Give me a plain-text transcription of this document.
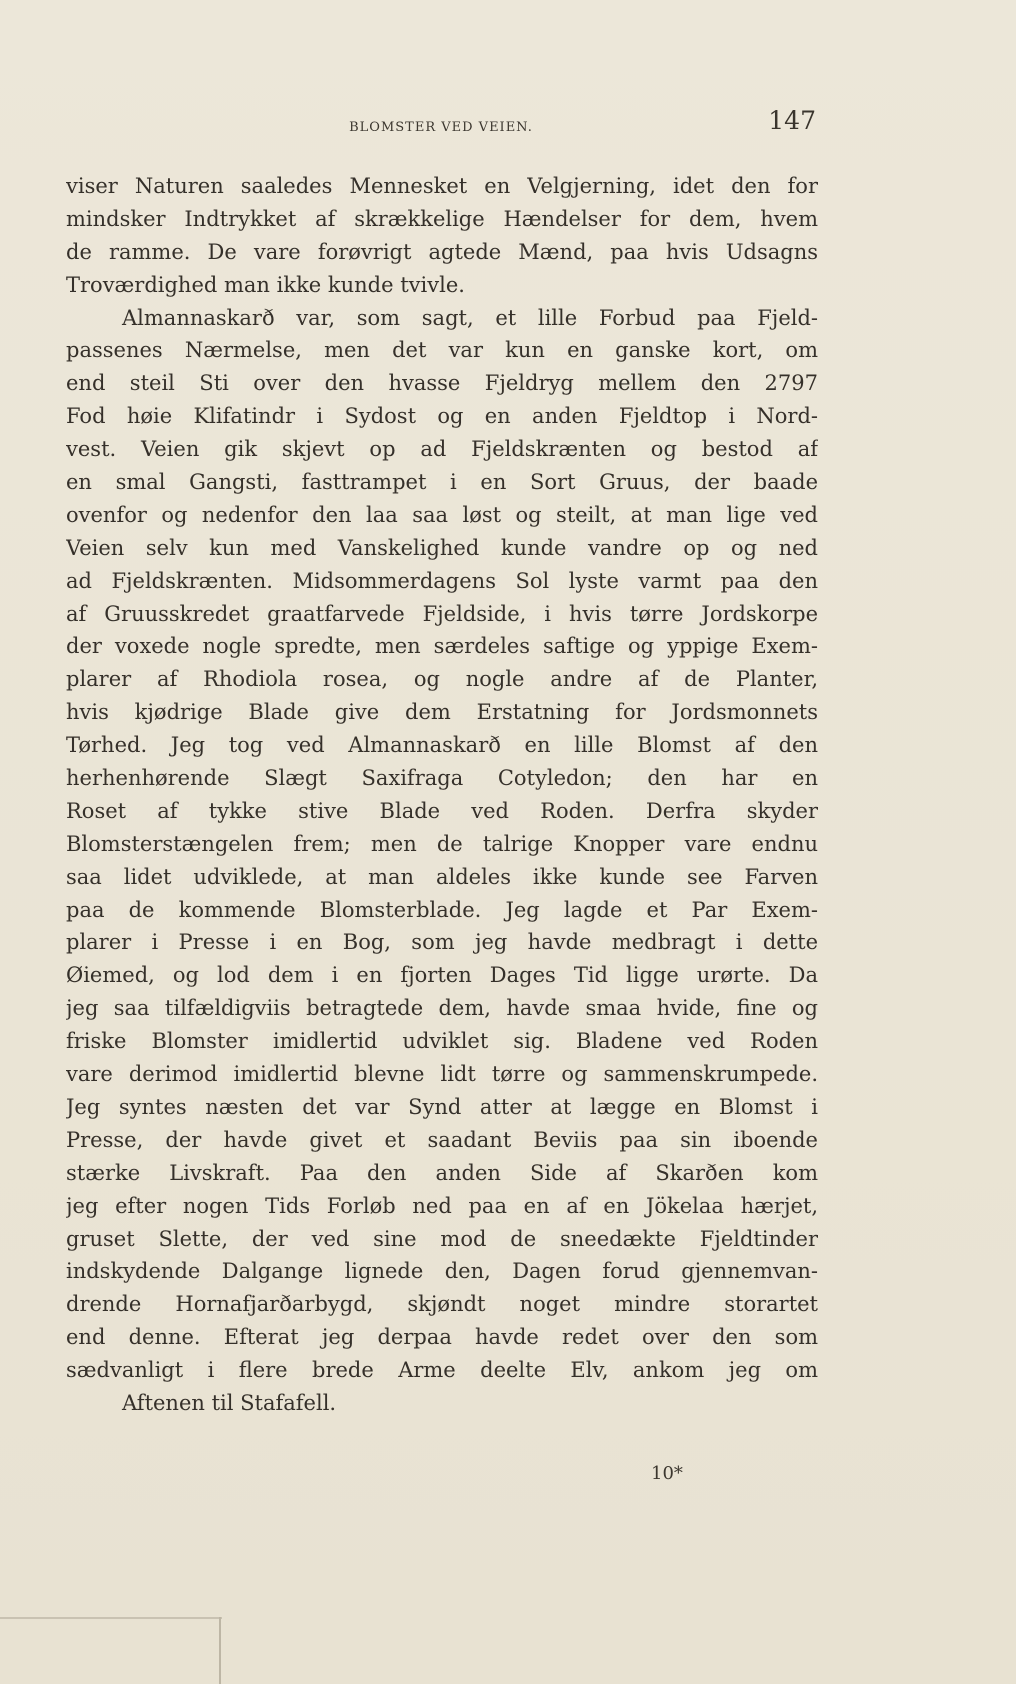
BLOMSTER VED VEIEN.	147
viser Naturen saaledes Mennesket en Velgjerning, idet den for
mindsker Indtrykket af skrækkelige Hændelser for dem, hvem
de ramme. De vare forøvrigt agtede Mænd, paa hvis Udsagns
Troværdighed man ikke kunde tvivle.
Almannaskarð var, som sagt, et lille Forbud paa Fjeld-
passenes Nærmelse, men det var kun en ganske kort, om
end steil Sti over den hvasse Fjeldryg mellem den 2797
Fod høie Klifatindr i Sydost og en anden Fjeldtop i Nord-
vest. Veien gik skjevt op ad Fjeldskrænten og bestod af
en smal Gangsti, fasttrampet i en Sort Gruus, der baade
ovenfor og nedenfor den laa saa løst og steilt, at man lige ved
Veien selv kun med Vanskelighed kunde vandre op og ned
ad Fjeldskrænten. Midsommerdagens Sol lyste varmt paa den
af Gruusskredet graatfarvede Fjeldside, i hvis tørre Jordskorpe
der voxede nogle spredte, men særdeles saftige og yppige Exem-
plarer af Rhodiola rosea, og nogle andre af de Planter,
hvis kjødrige Blade give dem Erstatning for Jordsmonnets
Tørhed. Jeg tog ved Almannaskarð en lille Blomst af den
herhenhørende Slægt Saxifraga Cotyledon; den har en
Roset af tykke stive Blade ved Roden. Derfra skyder
Blomsterstængelen frem; men de talrige Knopper vare endnu
saa lidet udviklede, at man aldeles ikke kunde see Farven
paa de kommende Blomsterblade. Jeg lagde et Par Exem-
plarer i Presse i en Bog, som jeg havde medbragt i dette
Øiemed, og lod dem i en fjorten Dages Tid ligge urørte. Da
jeg saa tilfældigviis betragtede dem, havde smaa hvide, fine og
friske Blomster imidlertid udviklet sig. Bladene ved Roden
vare derimod imidlertid blevne lidt tørre og sammenskrumpede.
Jeg syntes næsten det var Synd atter at lægge en Blomst i
Presse, der havde givet et saadant Beviis paa sin iboende
stærke Livskraft. Paa den anden Side af Skarðen kom
jeg efter nogen Tids Forløb ned paa en af en Jökelaa hærjet,
gruset Slette, der ved sine mod de sneedækte Fjeldtinder
indskydende Dalgange lignede den, Dagen forud gjennemvan-
drende Hornafjarðarbygd, skjøndt noget mindre storartet
end denne. Efterat jeg derpaa havde redet over den som
sædvanligt i flere brede Arme deelte Elv, ankom jeg om
Aftenen til Stafafell.
10*
